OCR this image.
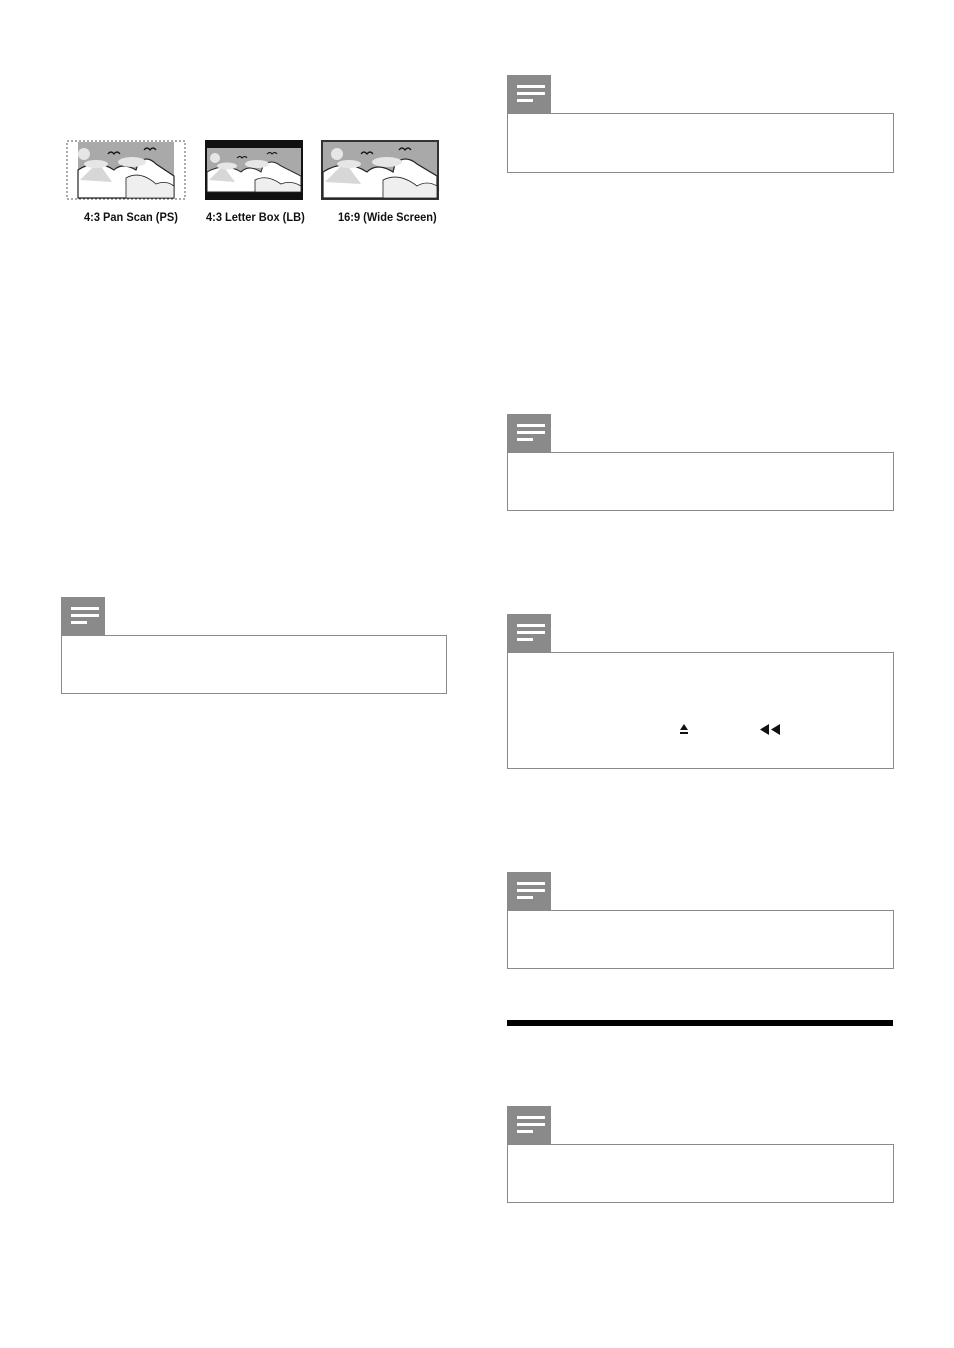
4:3 Pan Scan (PS) 4:3 Letter Box (LB)	16:9 (Wide Screen)
